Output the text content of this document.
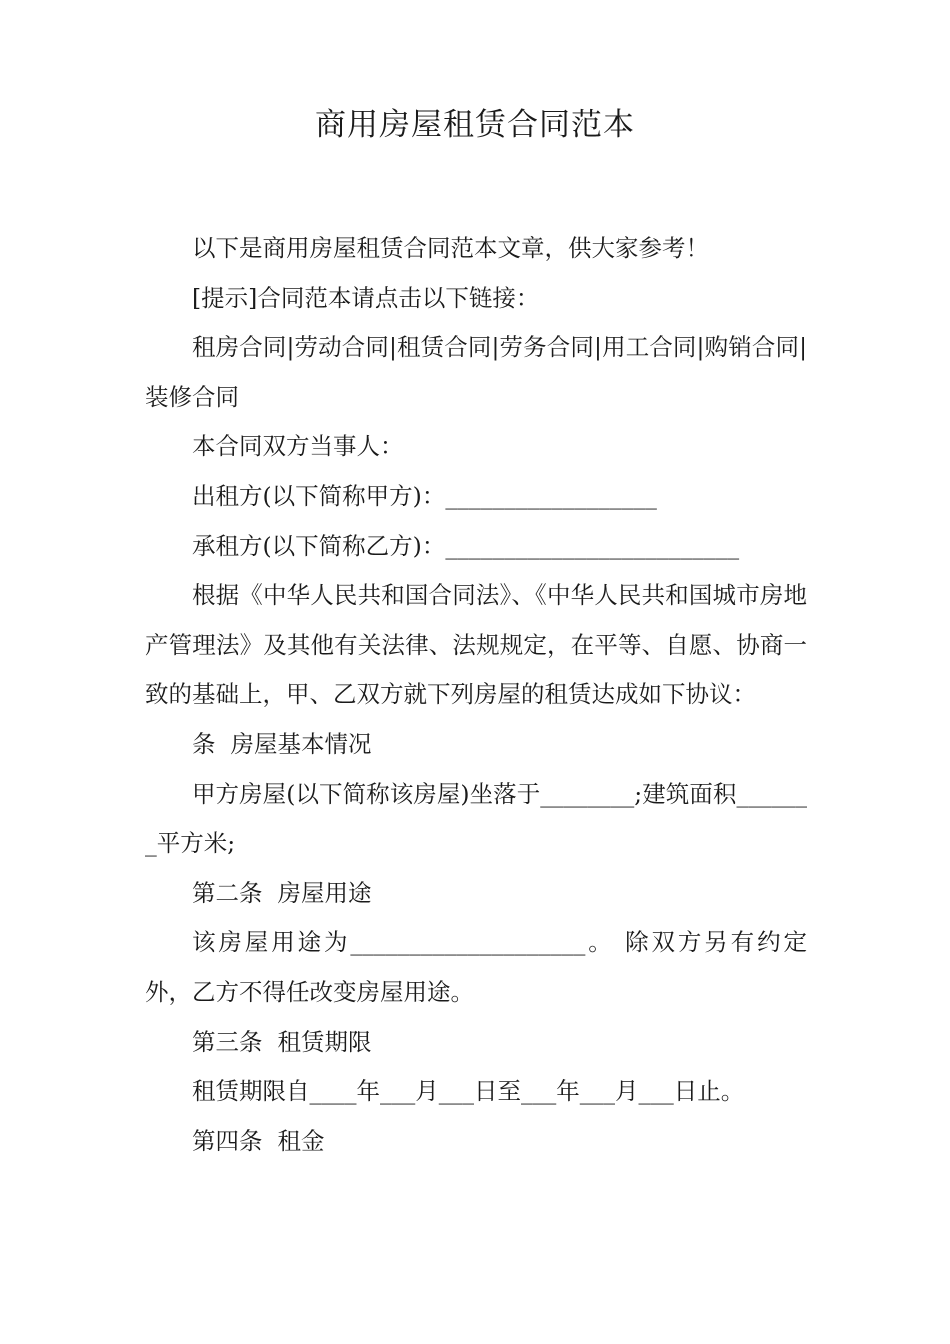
商用房屋租赁合同范本

以下是商用房屋租赁合同范本文章，供大家参考！

[提示]合同范本请点击以下链接：

租房合同|劳动合同|租赁合同|劳务合同|用工合同|购销合同|装修合同

本合同双方当事人：

出租方(以下简称甲方)：__________________

承租方(以下简称乙方)：_________________________

根据《中华人民共和国合同法》、《中华人民共和国城市房地产管理法》及其他有关法律、法规规定，在平等、自愿、协商一致的基础上，甲、乙双方就下列房屋的租赁达成如下协议：

条  房屋基本情况

甲方房屋(以下简称该房屋)坐落于________;建筑面积_______平方米;

第二条  房屋用途

该房屋用途为____________________。 除双方另有约定外，乙方不得任改变房屋用途。

第三条  租赁期限

租赁期限自____年___月___日至___年___月___日止。

第四条  租金
